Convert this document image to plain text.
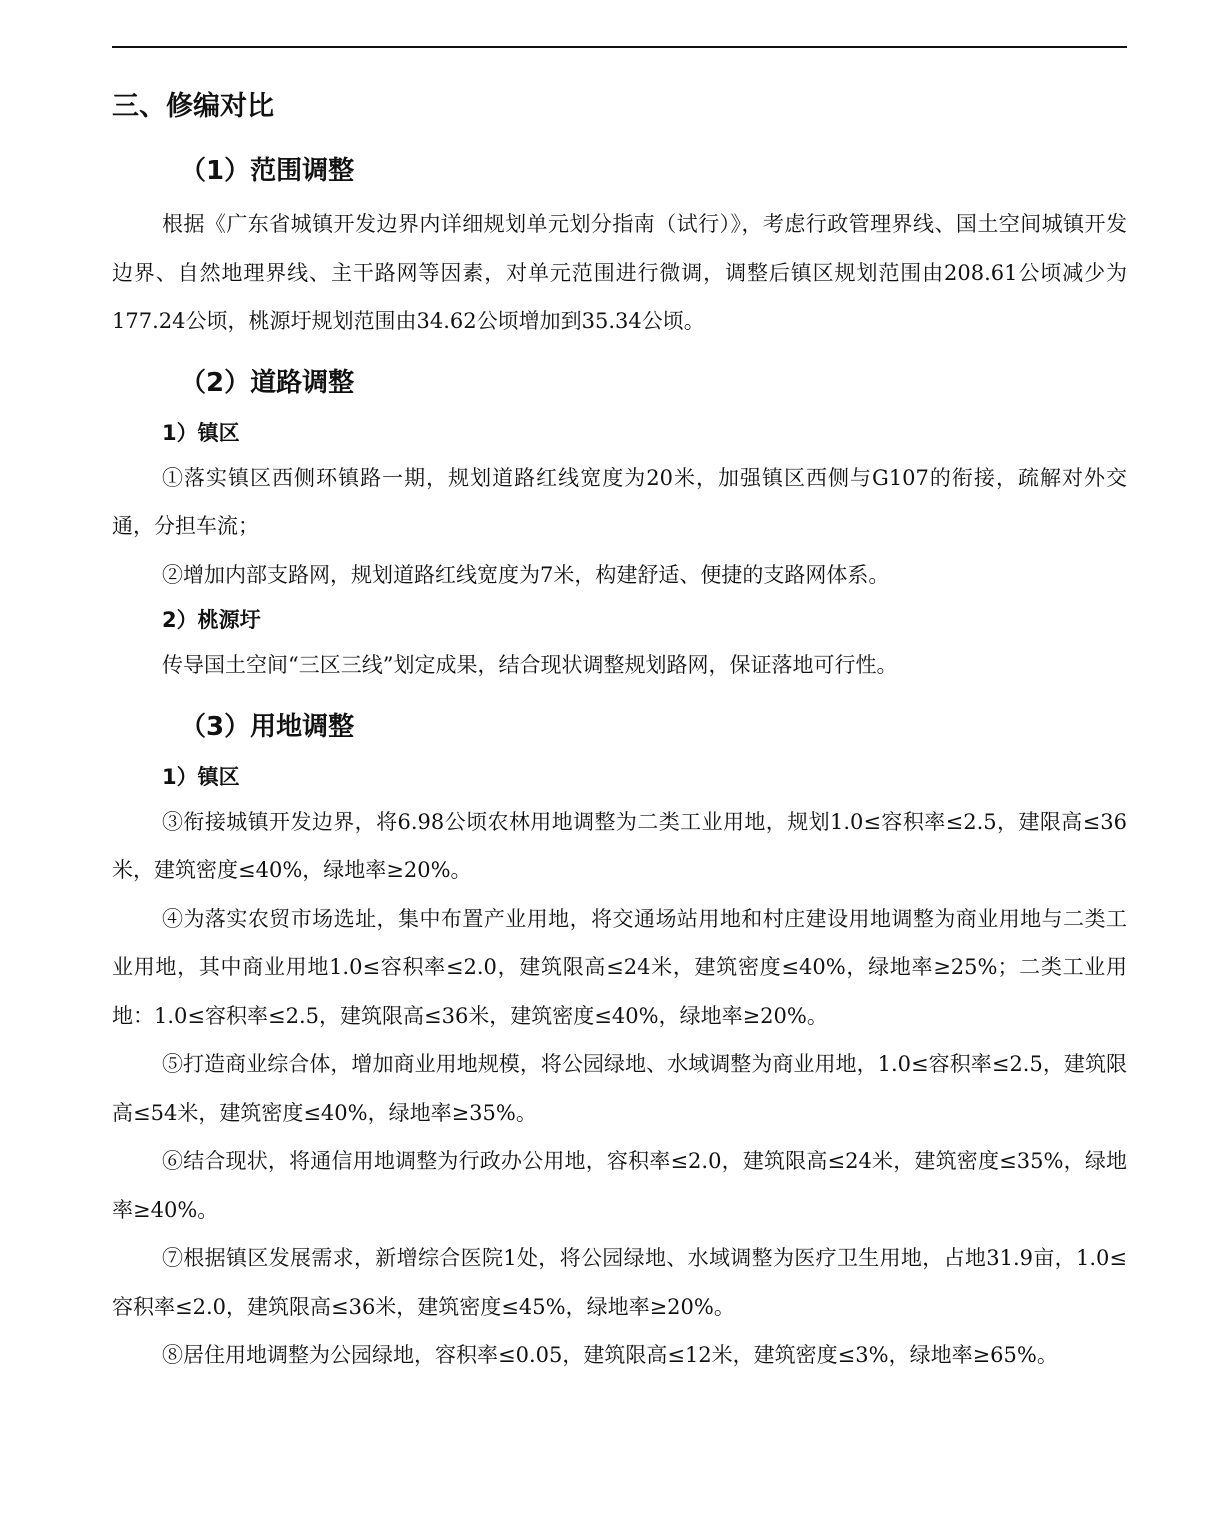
三、修编对比
（1）范围调整

根据《广东省城镇开发边界内详细规划单元划分指南（试行）》，考虑行政管理界线、国土空间城镇开发边界、自然地理界线、主干路网等因素，对单元范围进行微调，调整后镇区规划范围由208.61公顷减少为177.24公顷，桃源圩规划范围由34.62公顷增加到35.34公顷。

（2）道路调整
1）镇区

①落实镇区西侧环镇路一期，规划道路红线宽度为20米，加强镇区西侧与G107的衔接，疏解对外交通，分担车流；

②增加内部支路网，规划道路红线宽度为7米，构建舒适、便捷的支路网体系。

2）桃源圩

传导国土空间“三区三线”划定成果，结合现状调整规划路网，保证落地可行性。

（3）用地调整
1）镇区

③衔接城镇开发边界，将6.98公顷农林用地调整为二类工业用地，规划1.0≤容积率≤2.5，建限高≤36米，建筑密度≤40%，绿地率≥20%。

④为落实农贸市场选址，集中布置产业用地，将交通场站用地和村庄建设用地调整为商业用地与二类工业用地，其中商业用地1.0≤容积率≤2.0，建筑限高≤24米，建筑密度≤40%，绿地率≥25%；二类工业用地：1.0≤容积率≤2.5，建筑限高≤36米，建筑密度≤40%，绿地率≥20%。

⑤打造商业综合体，增加商业用地规模，将公园绿地、水域调整为商业用地，1.0≤容积率≤2.5，建筑限高≤54米，建筑密度≤40%，绿地率≥35%。

⑥结合现状，将通信用地调整为行政办公用地，容积率≤2.0，建筑限高≤24米，建筑密度≤35%，绿地率≥40%。

⑦根据镇区发展需求，新增综合医院1处，将公园绿地、水域调整为医疗卫生用地，占地31.9亩，1.0≤容积率≤2.0，建筑限高≤36米，建筑密度≤45%，绿地率≥20%。

⑧居住用地调整为公园绿地，容积率≤0.05，建筑限高≤12米，建筑密度≤3%，绿地率≥65%。
